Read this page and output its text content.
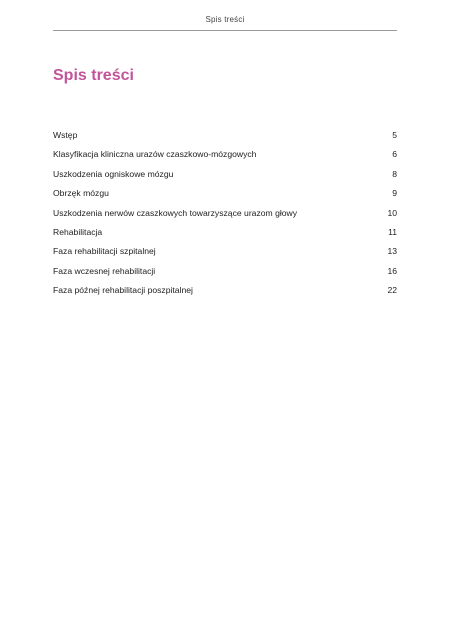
Spis treści
Spis treści
Wstęp	5
Klasyfikacja kliniczna urazów czaszkowo-mózgowych	6
Uszkodzenia ogniskowe mózgu	8
Obrzęk mózgu	9
Uszkodzenia nerwów czaszkowych towarzyszące urazom głowy	10
Rehabilitacja	11
Faza rehabilitacji szpitalnej	13
Faza wczesnej rehabilitacji	16
Faza późnej rehabilitacji poszpitalnej	22
